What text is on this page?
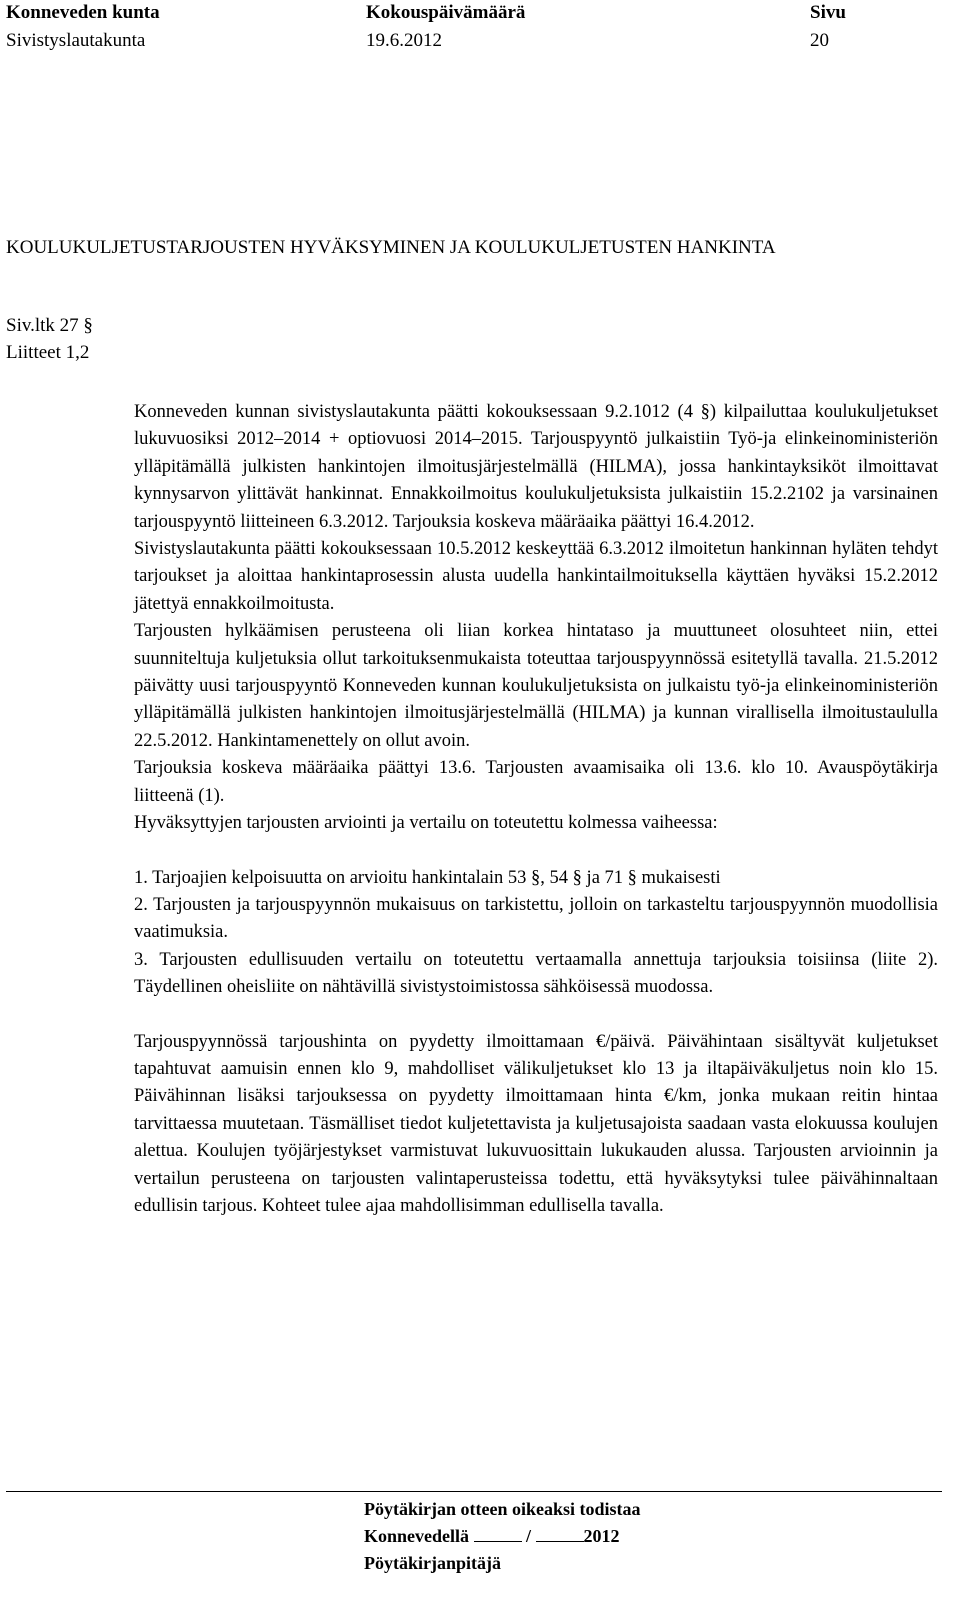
Konneveden kunta	Kokouspäivämäärä	Sivu
Sivistyslautakunta	19.6.2012	20
KOULUKULJETUSTARJOUSTEN HYVÄKSYMINEN JA KOULUKULJETUSTEN HANKINTA
Siv.ltk 27 §
Liitteet 1,2

Konneveden kunnan sivistyslautakunta päätti kokouksessaan 9.2.1012 (4 §) kilpailuttaa koulukuljetukset lukuvuosiksi 2012–2014 + optiovuosi 2014–2015. Tarjouspyyntö julkaistiin Työ-ja elinkeinoministeriön ylläpitämällä julkisten hankintojen ilmoitusjärjestelmällä (HILMA), jossa hankintayksiköt ilmoittavat kynnysarvon ylittävät hankinnat. Ennakkoilmoitus koulukuljetuksista julkaistiin 15.2.2102 ja varsinainen tarjouspyyntö liitteineen 6.3.2012. Tarjouksia koskeva määräaika päättyi 16.4.2012.

Sivistyslautakunta päätti kokouksessaan 10.5.2012 keskeyttää 6.3.2012 ilmoitetun hankinnan hyläten tehdyt tarjoukset ja aloittaa hankintaprosessin alusta uudella hankintailmoituksella käyttäen hyväksi 15.2.2012 jätettyä ennakkoilmoitusta.

Tarjousten hylkäämisen perusteena oli liian korkea hintataso ja muuttuneet olosuhteet niin, ettei suunniteltuja kuljetuksia ollut tarkoituksenmukaista toteuttaa tarjouspyynnössä esitetyllä tavalla. 21.5.2012 päivätty uusi tarjouspyyntö Konneveden kunnan koulukuljetuksista on julkaistu työ-ja elinkeinoministeriön ylläpitämällä julkisten hankintojen ilmoitusjärjestelmällä (HILMA) ja kunnan virallisella ilmoitustaululla 22.5.2012. Hankintamenettely on ollut avoin.

Tarjouksia koskeva määräaika päättyi 13.6. Tarjousten avaamisaika oli 13.6. klo 10. Avauspöytäkirja liitteenä (1).

Hyväksyttyjen tarjousten arviointi ja vertailu on toteutettu kolmessa vaiheessa:

1. Tarjoajien kelpoisuutta on arvioitu hankintalain 53 §, 54 § ja 71 § mukaisesti

2. Tarjousten ja tarjouspyynnön mukaisuus on tarkistettu, jolloin on tarkasteltu tarjouspyynnön muodollisia vaatimuksia.

3. Tarjousten edullisuuden vertailu on toteutettu vertaamalla annettuja tarjouksia toisiinsa (liite 2). Täydellinen oheisliite on nähtävillä sivistystoimistossa sähköisessä muodossa.

Tarjouspyynnössä tarjoushinta on pyydetty ilmoittamaan €/päivä. Päivähintaan sisältyvät kuljetukset tapahtuvat aamuisin ennen klo 9, mahdolliset välikuljetukset klo 13 ja iltapäiväkuljetus noin klo 15. Päivähinnan lisäksi tarjouksessa on pyydetty ilmoittamaan hinta €/km, jonka mukaan reitin hintaa tarvittaessa muutetaan. Täsmälliset tiedot kuljetettavista ja kuljetusajoista saadaan vasta elokuussa koulujen alettua. Koulujen työjärjestykset varmistuvat lukuvuosittain lukukauden alussa. Tarjousten arvioinnin ja vertailun perusteena on tarjousten valintaperusteissa todettu, että hyväksytyksi tulee päivähinnaltaan edullisin tarjous. Kohteet tulee ajaa mahdollisimman edullisella tavalla.

Pöytäkirjan otteen oikeaksi todistaa
Konnevedellä	/	2012
Pöytäkirjanpitäjä
